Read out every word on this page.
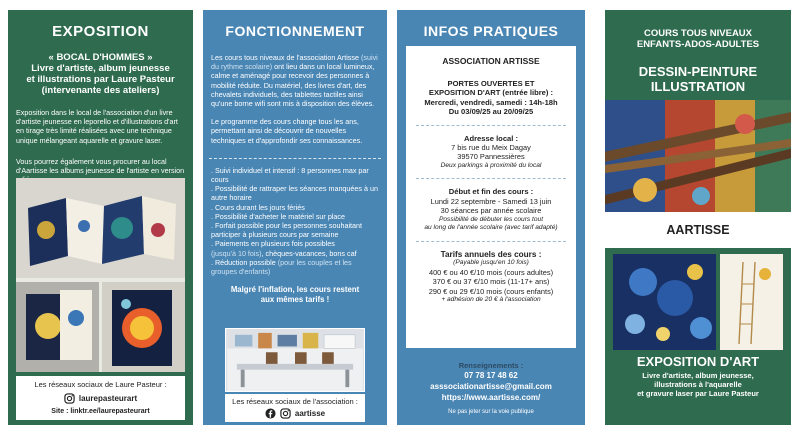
EXPOSITION
« BOCAL D'HOMMES »
Livre d'artiste, album jeunesse
et illustrations par Laure Pasteur
(intervenante des ateliers)

Exposition dans le local de l'association d'un livre d'artiste jeunesse en leporello et d'illustrations d'art en tirage très limité réalisées avec une technique unique mélangeant aquarelle et gravure laser.

Vous pourrez également vous procurer au local d'Aartisse les albums jeunesse de l'artiste en version

Les réseaux sociaux de Laure Pasteur :
laurepasteurart
Site : linktr.ee/laurepasteurart
FONCTIONNEMENT

Les cours tous niveaux de l'association Artisse (suivi du rythme scolaire) ont lieu dans un local lumineux, calme et aménagé pour recevoir des personnes à mobilité réduite. Du matériel, des livres d'art, des chevalets individuels, des tablettes tactiles ainsi qu'une borne wifi sont mis à disposition des élèves.

Le programme des cours change tous les ans, permettant ainsi de découvrir de nouvelles techniques et d'approfondir ses connaissances.

. Suivi individuel et intensif : 8 personnes max par cours
. Possibilité de rattraper les séances manquées à un autre horaire
. Cours durant les jours fériés
. Possibilité d'acheter le matériel sur place
. Forfait possible pour les personnes souhaitant participer à plusieurs cours par semaine
. Paiements en plusieurs fois possibles
(jusqu'à 10 fois), chèques-vacances, bons caf
. Réduction possible (pour les couples et les groupes d'enfants)
Malgré l'inflation, les cours restent
aux mêmes tarifs !
Les réseaux sociaux de l'association :
aartisse
INFOS PRATIQUES
ASSOCIATION ARTISSE
PORTES OUVERTES ET
EXPOSITION D'ART (entrée libre) :
Mercredi, vendredi, samedi : 14h-18h
Du 03/09/25 au 20/09/25
Adresse local :
7 bis rue du Meix Dagay
39570 Pannessières
Deux parkings à proximité du local
Début et fin des cours :
Lundi 22 septembre - Samedi 13 juin
30 séances par année scolaire
Possibilité de débuter les cours tout
au long de l'année scolaire (avec tarif adapté)
Tarifs annuels des cours :
(Payable jusqu'en 10 fois)
400 € ou 40 €/10 mois (cours adultes)
370 € ou 37 €/10 mois (11-17+ ans)
290 € ou 29 €/10 mois (cours enfants)
+ adhésion de 20 € à l'association
Renseignements :
07 78 17 48 62
asssociationartisse@gmail.com
https://www.aartisse.com/
Ne pas jeter sur la voie publique
COURS TOUS NIVEAUX
ENFANTS-ADOS-ADULTES
DESSIN-PEINTURE
ILLUSTRATION
AARTISSE
EXPOSITION D'ART
Livre d'artiste, album jeunesse,
illustrations à l'aquarelle
et gravure laser par Laure Pasteur
